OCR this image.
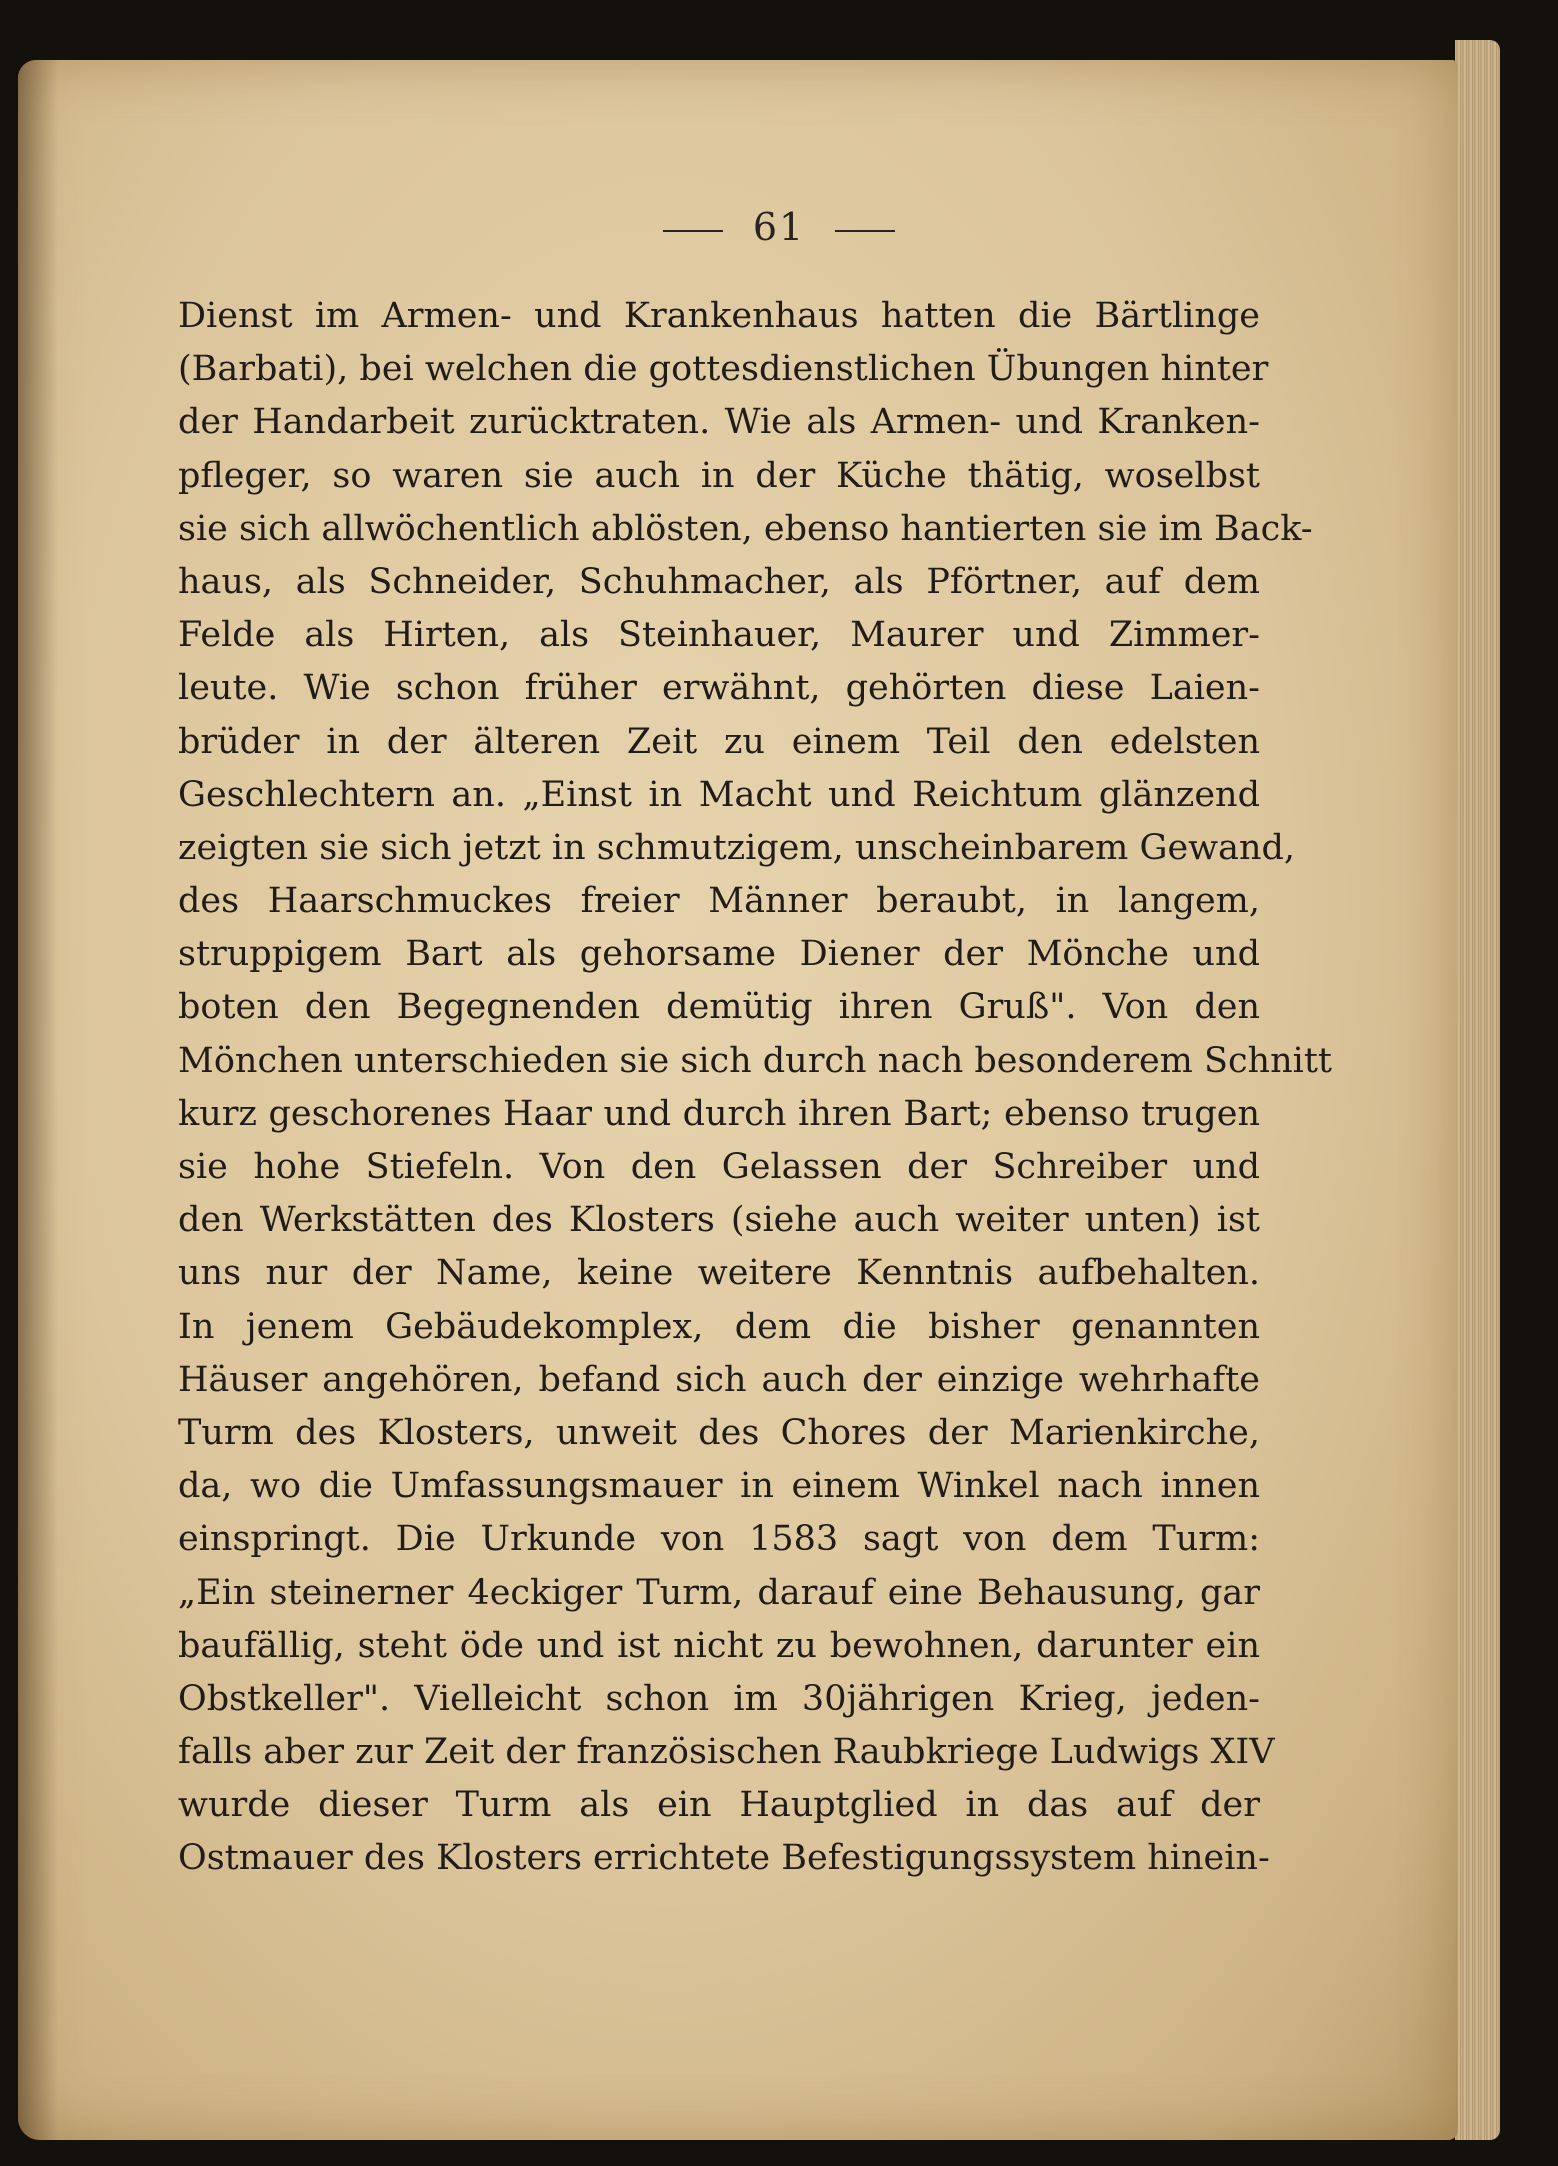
61
Dienst im Armen- und Krankenhaus hatten die Bärtlinge
(Barbati), bei welchen die gottesdienstlichen Übungen hinter
der Handarbeit zurücktraten. Wie als Armen- und Kranken-
pfleger, so waren sie auch in der Küche thätig, woselbst
sie sich allwöchentlich ablösten, ebenso hantierten sie im Back-
haus, als Schneider, Schuhmacher, als Pförtner, auf dem
Felde als Hirten, als Steinhauer, Maurer und Zimmer-
leute. Wie schon früher erwähnt, gehörten diese Laien-
brüder in der älteren Zeit zu einem Teil den edelsten
Geschlechtern an. „Einst in Macht und Reichtum glänzend
zeigten sie sich jetzt in schmutzigem, unscheinbarem Gewand,
des Haarschmuckes freier Männer beraubt, in langem,
struppigem Bart als gehorsame Diener der Mönche und
boten den Begegnenden demütig ihren Gruß". Von den
Mönchen unterschieden sie sich durch nach besonderem Schnitt
kurz geschorenes Haar und durch ihren Bart; ebenso trugen
sie hohe Stiefeln. Von den Gelassen der Schreiber und
den Werkstätten des Klosters (siehe auch weiter unten) ist
uns nur der Name, keine weitere Kenntnis aufbehalten.
In jenem Gebäudekomplex, dem die bisher genannten
Häuser angehören, befand sich auch der einzige wehrhafte
Turm des Klosters, unweit des Chores der Marienkirche,
da, wo die Umfassungsmauer in einem Winkel nach innen
einspringt. Die Urkunde von 1583 sagt von dem Turm:
„Ein steinerner 4eckiger Turm, darauf eine Behausung, gar
baufällig, steht öde und ist nicht zu bewohnen, darunter ein
Obstkeller". Vielleicht schon im 30jährigen Krieg, jeden-
falls aber zur Zeit der französischen Raubkriege Ludwigs XIV
wurde dieser Turm als ein Hauptglied in das auf der
Ostmauer des Klosters errichtete Befestigungssystem hinein-
